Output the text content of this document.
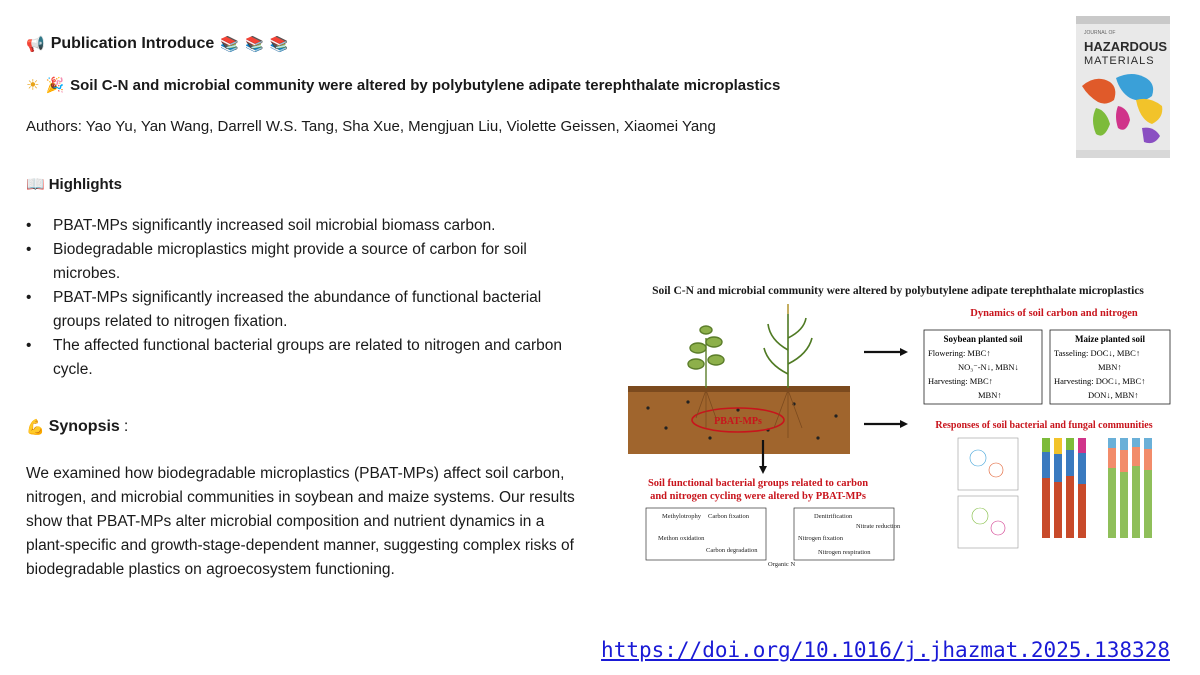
📢 Publication Introduce 📚 📚 📚
☀ 🎉 Soil C-N and microbial community were altered by polybutylene adipate terephthalate microplastics
Authors: Yao Yu, Yan Wang, Darrell W.S. Tang, Sha Xue, Mengjuan Liu, Violette Geissen, Xiaomei Yang
📖 Highlights
• PBAT-MPs significantly increased soil microbial biomass carbon.
• Biodegradable microplastics might provide a source of carbon for soil microbes.
• PBAT-MPs significantly increased the abundance of functional bacterial groups related to nitrogen fixation.
• The affected functional bacterial groups are related to nitrogen and carbon cycle.
💪 Synopsis :
We examined how biodegradable microplastics (PBAT-MPs) affect soil carbon, nitrogen, and microbial communities in soybean and maize systems. Our results show that PBAT-MPs alter microbial composition and nutrient dynamics in a plant-specific and growth-stage-dependent manner, suggesting complex risks of biodegradable plastics on agroecosystem functioning.
JOURNAL OF
HAZARDOUS
MATERIALS
Soil C-N and microbial community were altered by polybutylene adipate terephthalate microplastics
PBAT-MPs
Dynamics of soil carbon and nitrogen
Soybean planted soil
Flowering: MBC↑
NO₃⁻-N↓, MBN↓
Harvesting: MBC↑
MBN↑
Maize planted soil
Tasseling: DOC↓, MBC↑
MBN↑
Harvesting: DOC↓, MBC↑
DON↓, MBN↑
Responses of soil bacterial and fungal communities
Soil functional bacterial groups related to carbon
and nitrogen cycling were altered by PBAT-MPs
Methylotrophy Carbon fixation
Methon oxidation
Carbon degradation
Denitrification
Nitrate reduction
Nitrogen fixation
Nitrogen respiration
Organic N
https://doi.org/10.1016/j.jhazmat.2025.138328
